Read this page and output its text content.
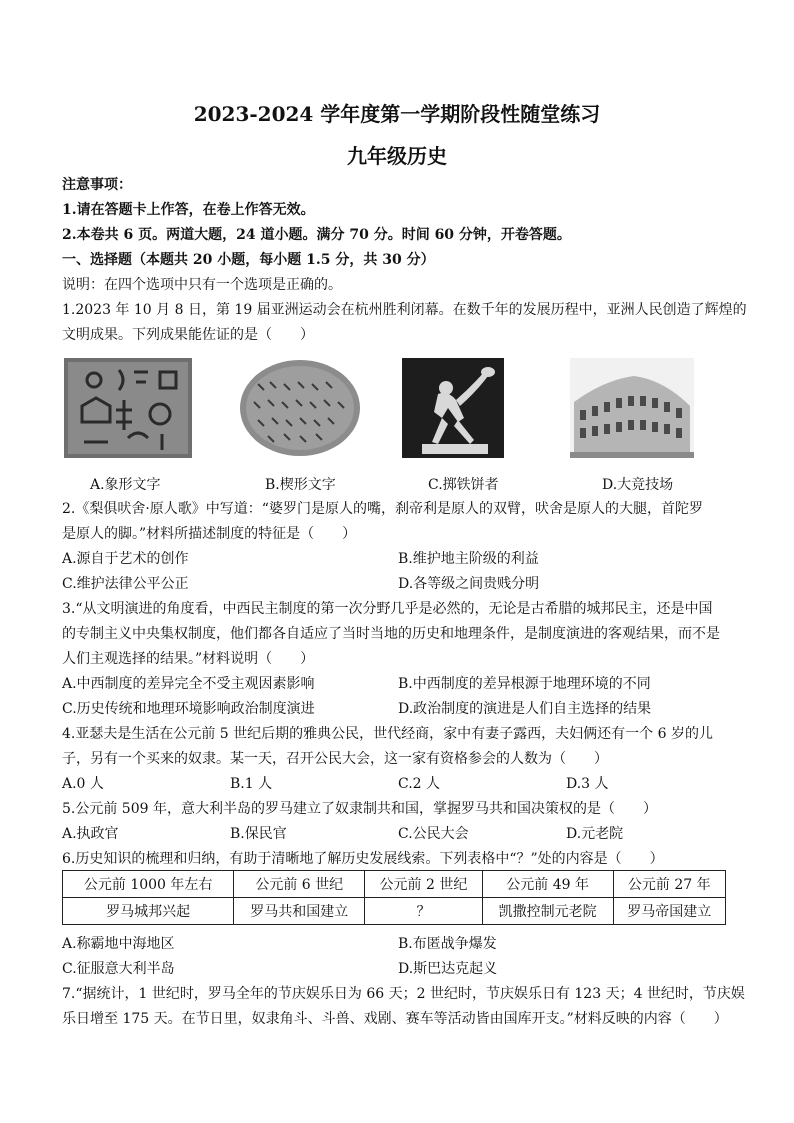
2023-2024 学年度第一学期阶段性随堂练习
九年级历史
注意事项：
1.请在答题卡上作答，在卷上作答无效。
2.本卷共 6 页。两道大题，24 道小题。满分 70 分。时间 60 分钟，开卷答题。
一、选择题（本题共 20 小题，每小题 1.5 分，共 30 分）
说明：在四个选项中只有一个选项是正确的。
1.2023 年 10 月 8 日，第 19 届亚洲运动会在杭州胜利闭幕。在数千年的发展历程中，亚洲人民创造了辉煌的
文明成果。下列成果能佐证的是（　　）
A.象形文字	B.楔形文字	C.掷铁饼者	D.大竞技场
2.《梨俱吠舍·原人歌》中写道：“婆罗门是原人的嘴，刹帝利是原人的双臂，吠舍是原人的大腿，首陀罗
是原人的脚。”材料所描述制度的特征是（　　）
A.源自于艺术的创作	B.维护地主阶级的利益
C.维护法律公平公正	D.各等级之间贵贱分明
3.“从文明演进的角度看，中西民主制度的第一次分野几乎是必然的，无论是古希腊的城邦民主，还是中国
的专制主义中央集权制度，他们都各自适应了当时当地的历史和地理条件，是制度演进的客观结果，而不是
人们主观选择的结果。”材料说明（　　）
A.中西制度的差异完全不受主观因素影响	B.中西制度的差异根源于地理环境的不同
C.历史传统和地理环境影响政治制度演进	D.政治制度的演进是人们自主选择的结果
4.亚瑟夫是生活在公元前 5 世纪后期的雅典公民，世代经商，家中有妻子露西，夫妇俩还有一个 6 岁的儿
子，另有一个买来的奴隶。某一天，召开公民大会，这一家有资格参会的人数为（　　）
A.0 人	B.1 人	C.2 人	D.3 人
5.公元前 509 年，意大利半岛的罗马建立了奴隶制共和国，掌握罗马共和国决策权的是（　　）
A.执政官	B.保民官	C.公民大会	D.元老院
6.历史知识的梳理和归纳，有助于清晰地了解历史发展线索。下列表格中“？”处的内容是（　　）
公元前 1000 年左右	公元前 6 世纪	公元前 2 世纪	公元前 49 年	公元前 27 年
罗马城邦兴起	罗马共和国建立	？	凯撒控制元老院	罗马帝国建立
A.称霸地中海地区	B.布匿战争爆发
C.征服意大利半岛	D.斯巴达克起义
7.“据统计，1 世纪时，罗马全年的节庆娱乐日为 66 天；2 世纪时，节庆娱乐日有 123 天；4 世纪时，节庆娱
乐日增至 175 天。在节日里，奴隶角斗、斗兽、戏剧、赛车等活动皆由国库开支。”材料反映的内容（　　）
